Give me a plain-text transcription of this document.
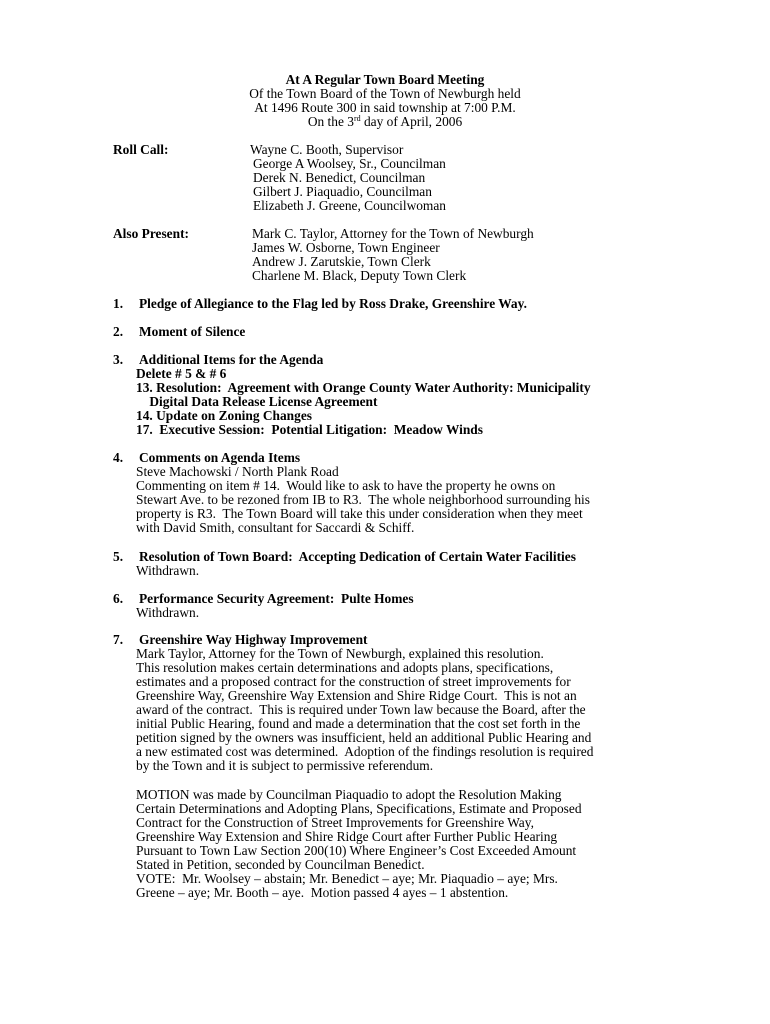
At A Regular Town Board Meeting
Of the Town Board of the Town of Newburgh held
At 1496 Route 300 in said township at 7:00 P.M.
On the 3rd day of April, 2006
Roll Call:	Wayne C. Booth, Supervisor
George A Woolsey, Sr., Councilman
Derek N. Benedict, Councilman
Gilbert J. Piaquadio, Councilman
Elizabeth J. Greene, Councilwoman
Also Present:	Mark C. Taylor, Attorney for the Town of Newburgh
James W. Osborne, Town Engineer
Andrew J. Zarutskie, Town Clerk
Charlene M. Black, Deputy Town Clerk
1. Pledge of Allegiance to the Flag led by Ross Drake, Greenshire Way.
2. Moment of Silence
3. Additional Items for the Agenda
Delete # 5 & # 6
13. Resolution:  Agreement with Orange County Water Authority: Municipality
Digital Data Release License Agreement
14. Update on Zoning Changes
17.  Executive Session:  Potential Litigation:  Meadow Winds
4. Comments on Agenda Items
Steve Machowski / North Plank Road
Commenting on item # 14.  Would like to ask to have the property he owns on
Stewart Ave. to be rezoned from IB to R3.  The whole neighborhood surrounding his
property is R3.  The Town Board will take this under consideration when they meet
with David Smith, consultant for Saccardi & Schiff.
5. Resolution of Town Board:  Accepting Dedication of Certain Water Facilities
Withdrawn.
6. Performance Security Agreement:  Pulte Homes
Withdrawn.
7. Greenshire Way Highway Improvement
Mark Taylor, Attorney for the Town of Newburgh, explained this resolution.
This resolution makes certain determinations and adopts plans, specifications,
estimates and a proposed contract for the construction of street improvements for
Greenshire Way, Greenshire Way Extension and Shire Ridge Court.  This is not an
award of the contract.  This is required under Town law because the Board, after the
initial Public Hearing, found and made a determination that the cost set forth in the
petition signed by the owners was insufficient, held an additional Public Hearing and
a new estimated cost was determined.  Adoption of the findings resolution is required
by the Town and it is subject to permissive referendum.
MOTION was made by Councilman Piaquadio to adopt the Resolution Making
Certain Determinations and Adopting Plans, Specifications, Estimate and Proposed
Contract for the Construction of Street Improvements for Greenshire Way,
Greenshire Way Extension and Shire Ridge Court after Further Public Hearing
Pursuant to Town Law Section 200(10) Where Engineer’s Cost Exceeded Amount
Stated in Petition, seconded by Councilman Benedict.
VOTE:  Mr. Woolsey – abstain; Mr. Benedict – aye; Mr. Piaquadio – aye; Mrs.
Greene – aye; Mr. Booth – aye.  Motion passed 4 ayes – 1 abstention.
